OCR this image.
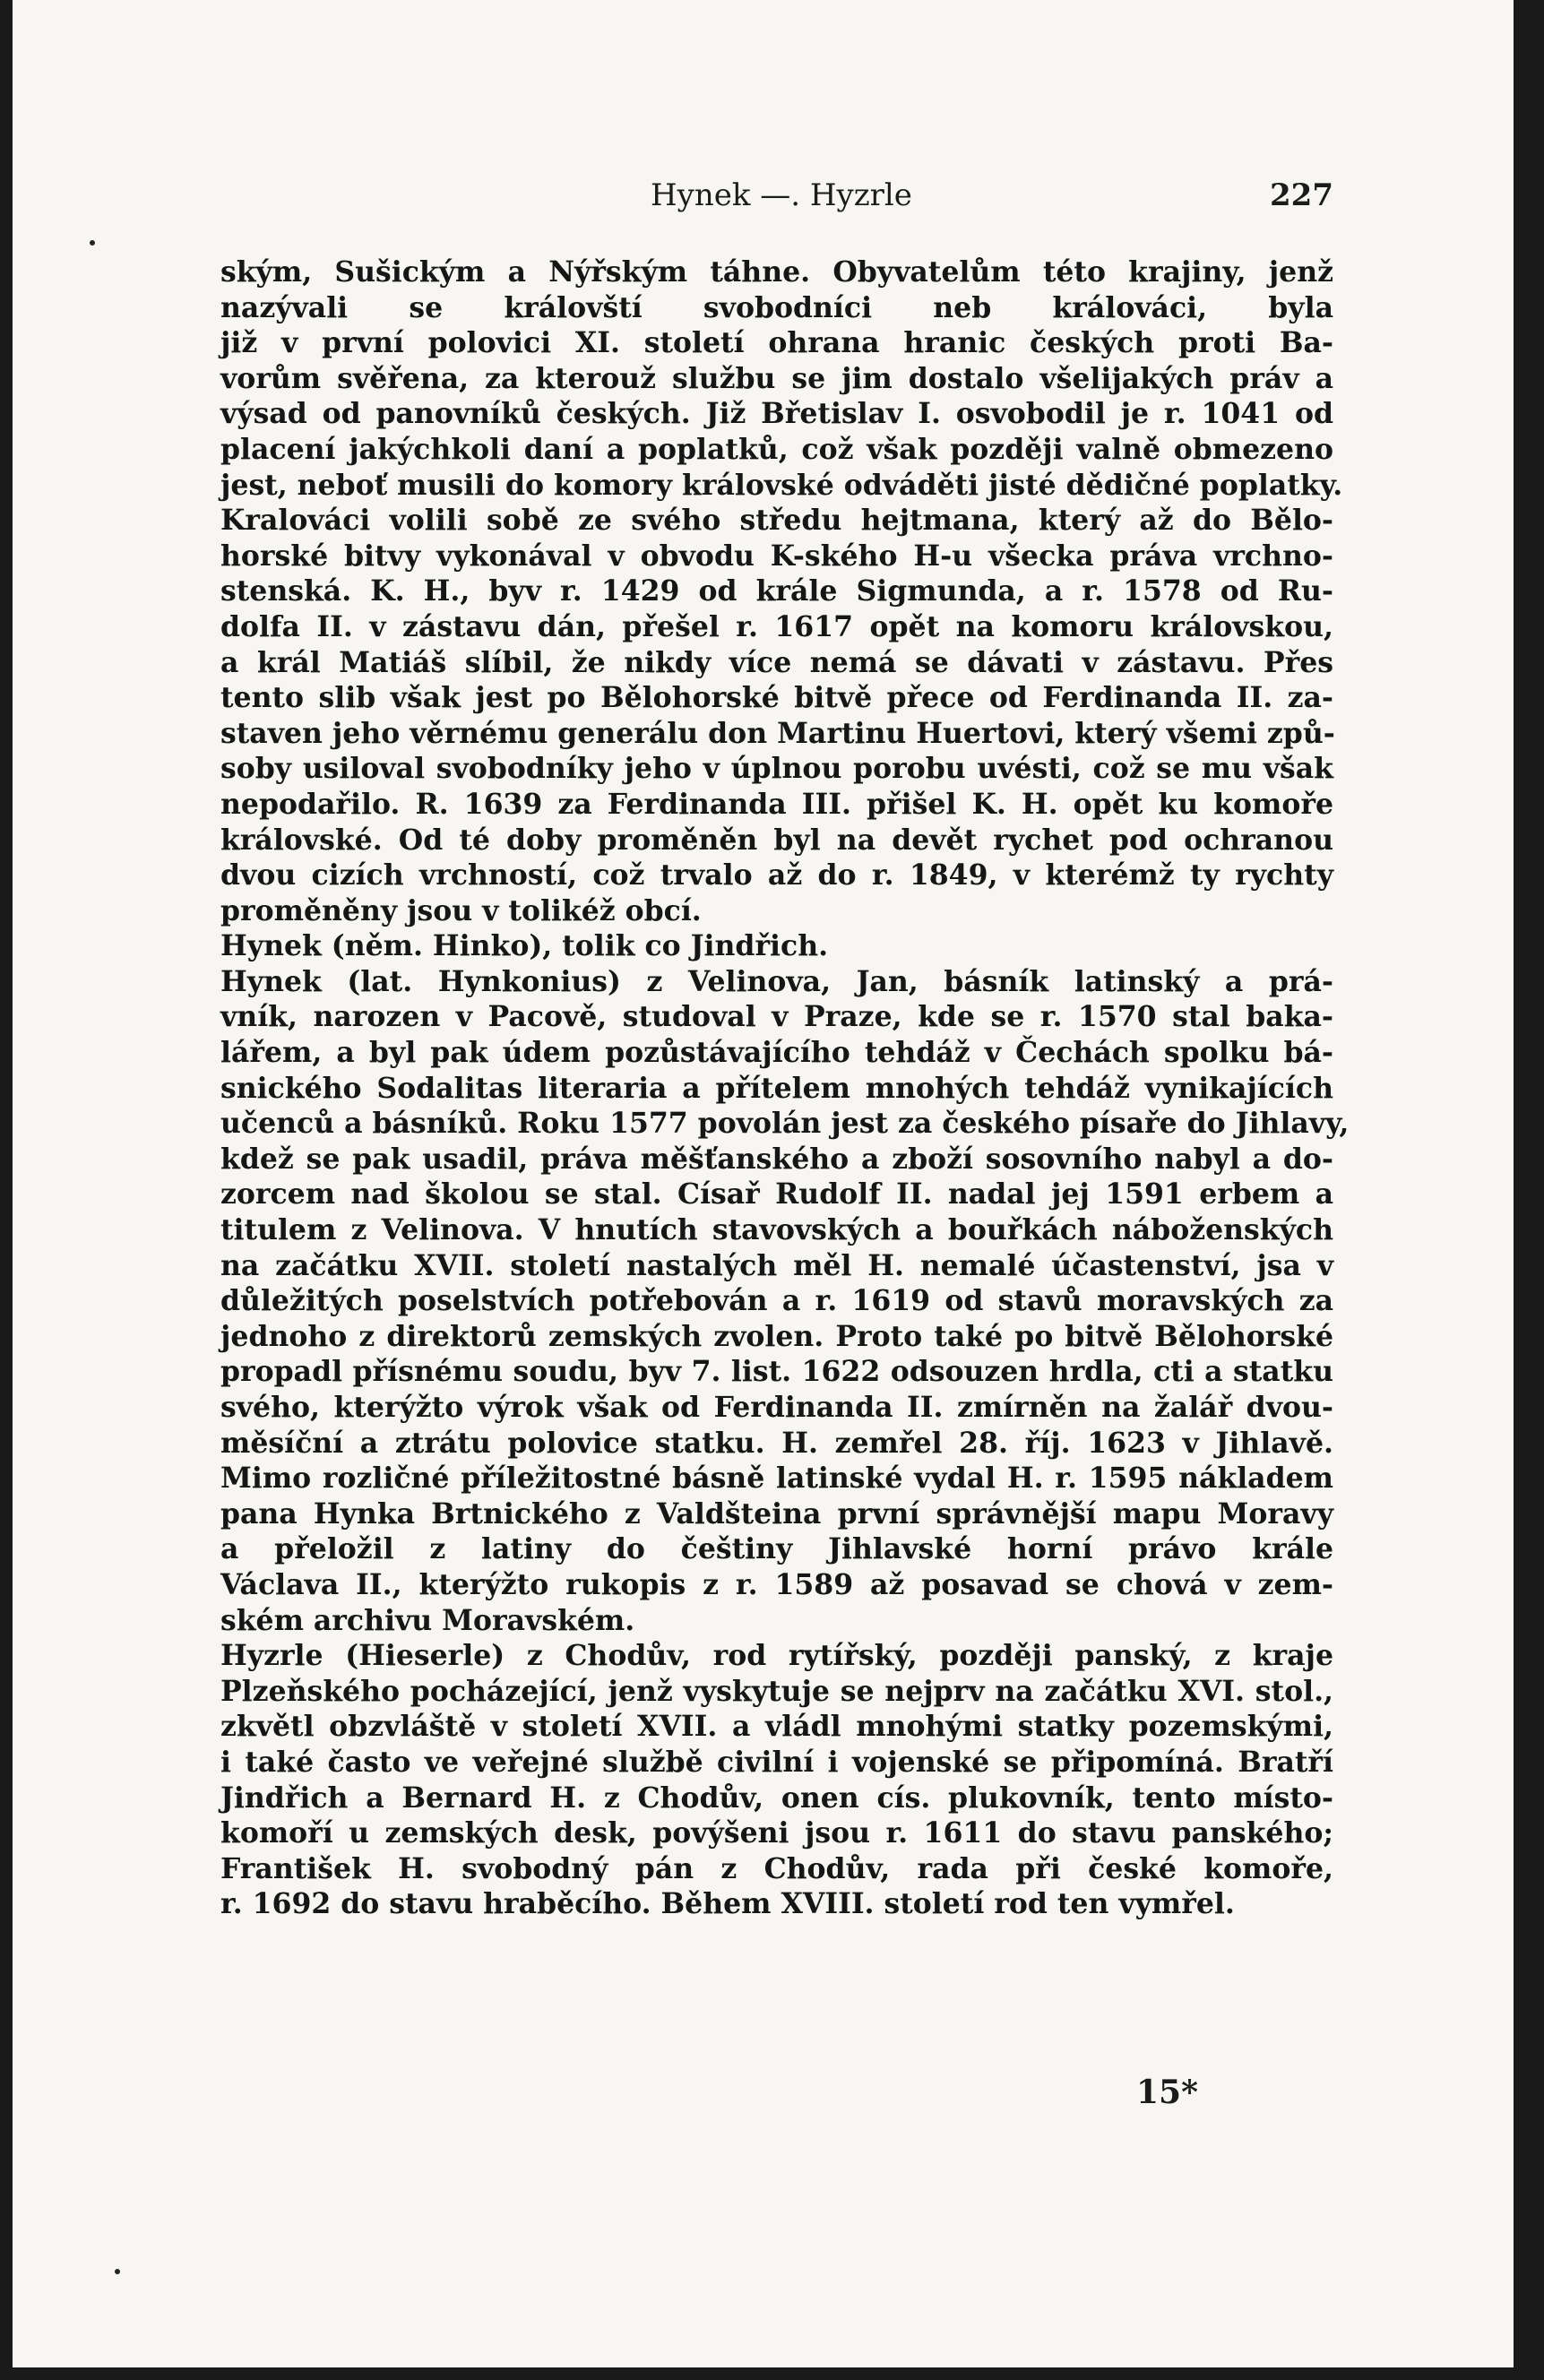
Hynek —. Hyzrle	227
ským, Sušickým a Nýřským táhne. Obyvatelům této krajiny, jenž
nazývali se královští svobodníci neb králováci, byla
již v první polovici XI. století ohrana hranic českých proti Ba-
vorům svěřena, za kterouž službu se jim dostalo všelijakých práv a
výsad od panovníků českých. Již Břetislav I. osvobodil je r. 1041 od
placení jakýchkoli daní a poplatků, což však později valně obmezeno
jest, neboť musili do komory královské odváděti jisté dědičné poplatky.
Kralováci volili sobě ze svého středu hejtmana, který až do Bělo-
horské bitvy vykonával v obvodu K-ského H-u všecka práva vrchno-
stenská. K. H., byv r. 1429 od krále Sigmunda, a r. 1578 od Ru-
dolfa II. v zástavu dán, přešel r. 1617 opět na komoru královskou,
a král Matiáš slíbil, že nikdy více nemá se dávati v zástavu. Přes
tento slib však jest po Bělohorské bitvě přece od Ferdinanda II. za-
staven jeho věrnému generálu don Martinu Huertovi, který všemi způ-
soby usiloval svobodníky jeho v úplnou porobu uvésti, což se mu však
nepodařilo. R. 1639 za Ferdinanda III. přišel K. H. opět ku komoře
královské. Od té doby proměněn byl na devět rychet pod ochranou
dvou cizích vrchností, což trvalo až do r. 1849, v kterémž ty rychty
proměněny jsou v tolikéž obcí.
Hynek (něm. Hinko), tolik co Jindřich.
Hynek (lat. Hynkonius) z Velinova, Jan, básník latinský a prá-
vník, narozen v Pacově, studoval v Praze, kde se r. 1570 stal baka-
lářem, a byl pak údem pozůstávajícího tehdáž v Čechách spolku bá-
snického Sodalitas literaria a přítelem mnohých tehdáž vynikajících
učenců a básníků. Roku 1577 povolán jest za českého písaře do Jihlavy,
kdež se pak usadil, práva měšťanského a zboží sosovního nabyl a do-
zorcem nad školou se stal. Císař Rudolf II. nadal jej 1591 erbem a
titulem z Velinova. V hnutích stavovských a bouřkách náboženských
na začátku XVII. století nastalých měl H. nemalé účastenství, jsa v
důležitých poselstvích potřebován a r. 1619 od stavů moravských za
jednoho z direktorů zemských zvolen. Proto také po bitvě Bělohorské
propadl přísnému soudu, byv 7. list. 1622 odsouzen hrdla, cti a statku
svého, kterýžto výrok však od Ferdinanda II. zmírněn na žalář dvou-
měsíční a ztrátu polovice statku. H. zemřel 28. říj. 1623 v Jihlavě.
Mimo rozličné příležitostné básně latinské vydal H. r. 1595 nákladem
pana Hynka Brtnického z Valdšteina první správnější mapu Moravy
a přeložil z latiny do češtiny Jihlavské horní právo krále
Václava II., kterýžto rukopis z r. 1589 až posavad se chová v zem-
ském archivu Moravském.
Hyzrle (Hieserle) z Chodův, rod rytířský, později panský, z kraje
Plzeňského pocházející, jenž vyskytuje se nejprv na začátku XVI. stol.,
zkvětl obzvláště v století XVII. a vládl mnohými statky pozemskými,
i také často ve veřejné službě civilní i vojenské se připomíná. Bratří
Jindřich a Bernard H. z Chodův, onen cís. plukovník, tento místo-
komoří u zemských desk, povýšeni jsou r. 1611 do stavu panského;
František H. svobodný pán z Chodův, rada při české komoře,
r. 1692 do stavu hraběcího. Během XVIII. století rod ten vymřel.
15*
